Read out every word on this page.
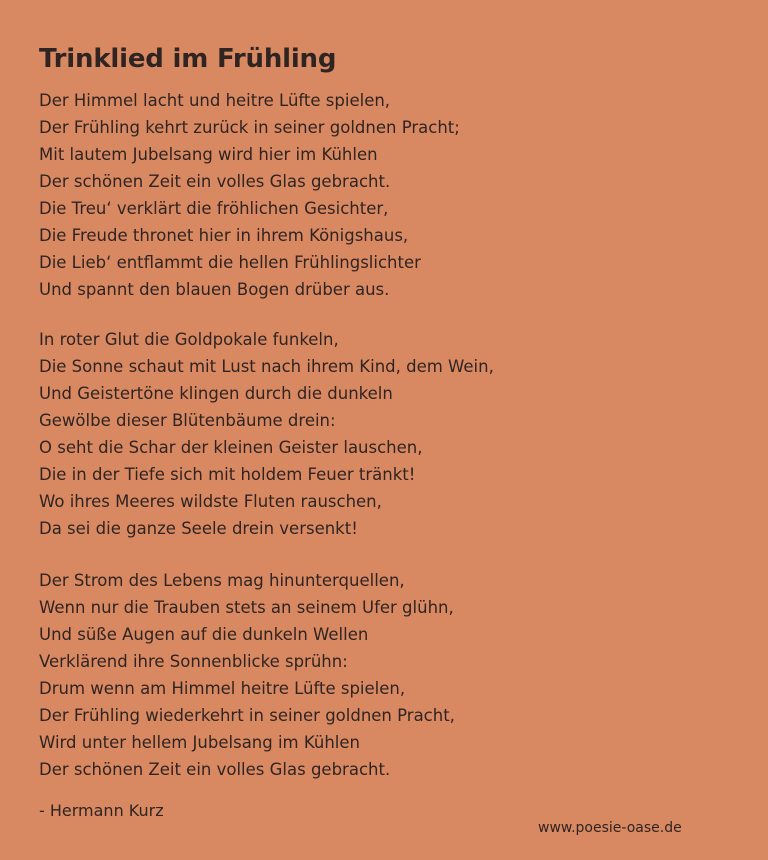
Trinklied im Frühling
Der Himmel lacht und heitre Lüfte spielen,
Der Frühling kehrt zurück in seiner goldnen Pracht;
Mit lautem Jubelsang wird hier im Kühlen
Der schönen Zeit ein volles Glas gebracht.
Die Treu‘ verklärt die fröhlichen Gesichter,
Die Freude thronet hier in ihrem Königshaus,
Die Lieb‘ entflammt die hellen Frühlingslichter
Und spannt den blauen Bogen drüber aus.
In roter Glut die Goldpokale funkeln,
Die Sonne schaut mit Lust nach ihrem Kind, dem Wein,
Und Geistertöne klingen durch die dunkeln
Gewölbe dieser Blütenbäume drein:
O seht die Schar der kleinen Geister lauschen,
Die in der Tiefe sich mit holdem Feuer tränkt!
Wo ihres Meeres wildste Fluten rauschen,
Da sei die ganze Seele drein versenkt!
Der Strom des Lebens mag hinunterquellen,
Wenn nur die Trauben stets an seinem Ufer glühn,
Und süße Augen auf die dunkeln Wellen
Verklärend ihre Sonnenblicke sprühn:
Drum wenn am Himmel heitre Lüfte spielen,
Der Frühling wiederkehrt in seiner goldnen Pracht,
Wird unter hellem Jubelsang im Kühlen
Der schönen Zeit ein volles Glas gebracht.
- Hermann Kurz
www.poesie-oase.de
